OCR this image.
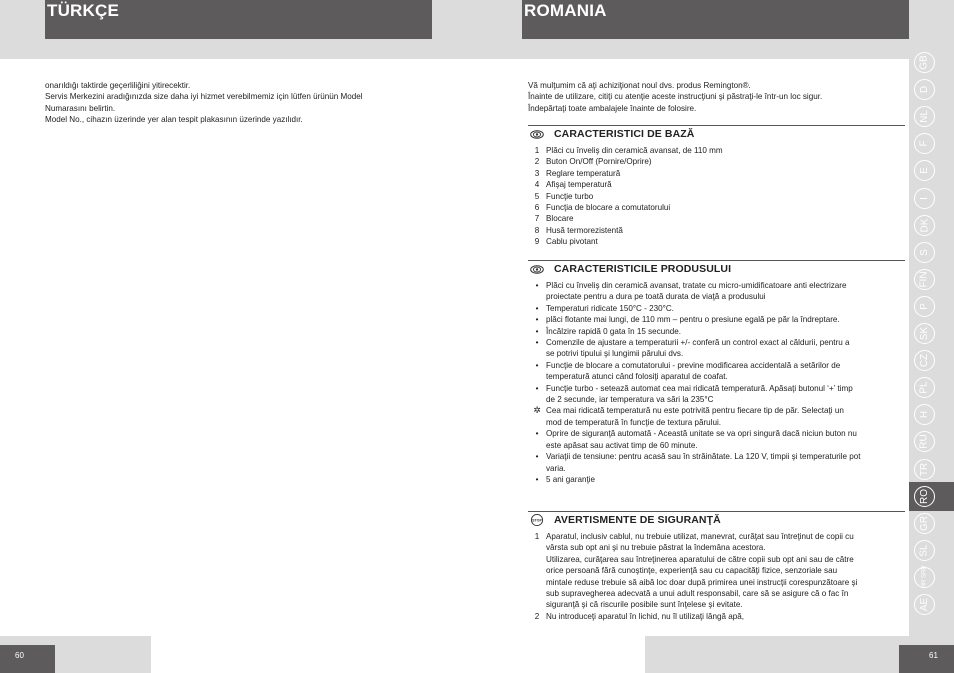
TÜRKÇE	ROMANIA
onarıldığı taktirde geçerliliğini yitirecektir.
Servis Merkezini aradığınızda size daha iyi hizmet verebilmemiz için lütfen ürünün Model
Numarasını belirtin.
Model No., cihazın üzerinde yer alan tespit plakasının üzerinde yazılıdır.
Vă mulţumim că aţi achiziţionat noul dvs. produs Remington®.
Înainte de utilizare, citiţi cu atenţie aceste instrucţiuni şi păstraţi-le într-un loc sigur.
Îndepărtaţi toate ambalajele înainte de folosire.
CARACTERISTICI DE BAZĂ
1 Plăci cu înveliş din ceramică avansat, de 110 mm
2 Buton On/Off (Pornire/Oprire)
3 Reglare temperatură
4 Afişaj temperatură
5 Funcţie turbo
6 Funcţia de blocare a comutatorului
7 Blocare
8 Husă termorezistentă
9 Cablu pivotant
CARACTERISTICILE PRODUSULUI
• Plăci cu înveliş din ceramică avansat, tratate cu micro-umidificatoare anti electrizare
proiectate pentru a dura pe toată durata de viaţă a produsului
• Temperaturi ridicate 150°C - 230°C.
• plăci flotante mai lungi, de 110 mm – pentru o presiune egală pe păr la îndreptare.
• Încălzire rapidă 0 gata în 15 secunde.
• Comenzile de ajustare a temperaturii +/- conferă un control exact al căldurii, pentru a
se potrivi tipului şi lungimii părului dvs.
• Funcţie de blocare a comutatorului - previne modificarea accidentală a setărilor de
temperatură atunci când folosiţi aparatul de coafat.
• Funcţie turbo - setează automat cea mai ridicată temperatură. Apăsaţi butonul ‘+’ timp
de 2 secunde, iar temperatura va sări la 235°C
✲ Cea mai ridicată temperatură nu este potrivită pentru fiecare tip de păr. Selectaţi un
mod de temperatură în funcţie de textura părului.
• Oprire de siguranţă automată - Această unitate se va opri singură dacă niciun buton nu
este apăsat sau activat timp de 60 minute.
• Variaţii de tensiune: pentru acasă sau în străinătate. La 120 V, timpii şi temperaturile pot
varia.
• 5 ani garanţie
STOP AVERTISMENTE DE SIGURANŢĂ
1 Aparatul, inclusiv cablul, nu trebuie utilizat, manevrat, curăţat sau întreţinut de copii cu
vârsta sub opt ani şi nu trebuie păstrat la îndemâna acestora.
Utilizarea, curăţarea sau întreţinerea aparatului de către copii sub opt ani sau de către
orice persoană fără cunoştinţe, experienţă sau cu capacităţi fizice, senzoriale sau
mintale reduse trebuie să aibă loc doar după primirea unei instrucţii corespunzătoare şi
sub supravegherea adecvată a unui adult responsabil, care să se asigure că o fac în
siguranţă şi că riscurile posibile sunt înţelese şi evitate.
2 Nu introduceţi aparatul în lichid, nu îl utilizaţi lângă apă,
GB
D
NL
F
E
I
DK
S
FIN
P
SK
CZ
PL
H
RU
TR
RO
GR
SL
HR SRB
AE
60	61
